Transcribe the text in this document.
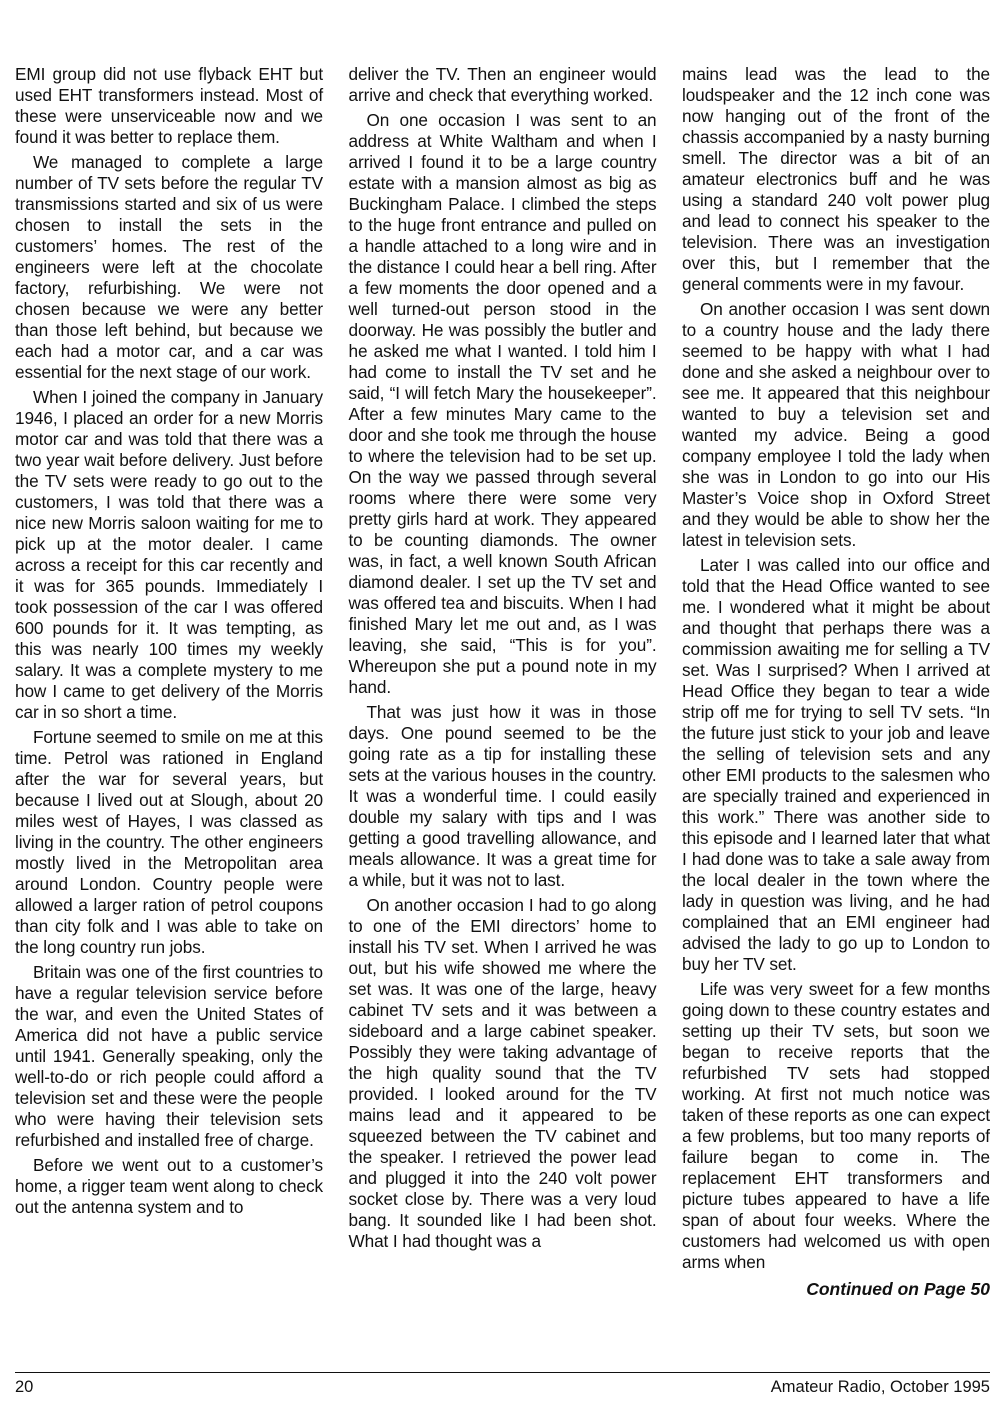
EMI group did not use flyback EHT but used EHT transformers instead. Most of these were unserviceable now and we found it was better to replace them.

We managed to complete a large number of TV sets before the regular TV transmissions started and six of us were chosen to install the sets in the customers’ homes. The rest of the engineers were left at the chocolate factory, refurbishing. We were not chosen because we were any better than those left behind, but because we each had a motor car, and a car was essential for the next stage of our work.

When I joined the company in January 1946, I placed an order for a new Morris motor car and was told that there was a two year wait before delivery. Just before the TV sets were ready to go out to the customers, I was told that there was a nice new Morris saloon waiting for me to pick up at the motor dealer. I came across a receipt for this car recently and it was for 365 pounds. Immediately I took possession of the car I was offered 600 pounds for it. It was tempting, as this was nearly 100 times my weekly salary. It was a complete mystery to me how I came to get delivery of the Morris car in so short a time.

Fortune seemed to smile on me at this time. Petrol was rationed in England after the war for several years, but because I lived out at Slough, about 20 miles west of Hayes, I was classed as living in the country. The other engineers mostly lived in the Metropolitan area around London. Country people were allowed a larger ration of petrol coupons than city folk and I was able to take on the long country run jobs.

Britain was one of the first countries to have a regular television service before the war, and even the United States of America did not have a public service until 1941. Generally speaking, only the well-to-do or rich people could afford a television set and these were the people who were having their television sets refurbished and installed free of charge.

Before we went out to a customer’s home, a rigger team went along to check out the antenna system and to

deliver the TV. Then an engineer would arrive and check that everything worked.

On one occasion I was sent to an address at White Waltham and when I arrived I found it to be a large country estate with a mansion almost as big as Buckingham Palace. I climbed the steps to the huge front entrance and pulled on a handle attached to a long wire and in the distance I could hear a bell ring. After a few moments the door opened and a well turned-out person stood in the doorway. He was possibly the butler and he asked me what I wanted. I told him I had come to install the TV set and he said, “I will fetch Mary the housekeeper”. After a few minutes Mary came to the door and she took me through the house to where the television had to be set up. On the way we passed through several rooms where there were some very pretty girls hard at work. They appeared to be counting diamonds. The owner was, in fact, a well known South African diamond dealer. I set up the TV set and was offered tea and biscuits. When I had finished Mary let me out and, as I was leaving, she said, “This is for you”. Whereupon she put a pound note in my hand.

That was just how it was in those days. One pound seemed to be the going rate as a tip for installing these sets at the various houses in the country. It was a wonderful time. I could easily double my salary with tips and I was getting a good travelling allowance, and meals allowance. It was a great time for a while, but it was not to last.

On another occasion I had to go along to one of the EMI directors’ home to install his TV set. When I arrived he was out, but his wife showed me where the set was. It was one of the large, heavy cabinet TV sets and it was between a sideboard and a large cabinet speaker. Possibly they were taking advantage of the high quality sound that the TV provided. I looked around for the TV mains lead and it appeared to be squeezed between the TV cabinet and the speaker. I retrieved the power lead and plugged it into the 240 volt power socket close by. There was a very loud bang. It sounded like I had been shot. What I had thought was a

mains lead was the lead to the loudspeaker and the 12 inch cone was now hanging out of the front of the chassis accompanied by a nasty burning smell. The director was a bit of an amateur electronics buff and he was using a standard 240 volt power plug and lead to connect his speaker to the television. There was an investigation over this, but I remember that the general comments were in my favour.

On another occasion I was sent down to a country house and the lady there seemed to be happy with what I had done and she asked a neighbour over to see me. It appeared that this neighbour wanted to buy a television set and wanted my advice. Being a good company employee I told the lady when she was in London to go into our His Master’s Voice shop in Oxford Street and they would be able to show her the latest in television sets.

Later I was called into our office and told that the Head Office wanted to see me. I wondered what it might be about and thought that perhaps there was a commission awaiting me for selling a TV set. Was I surprised? When I arrived at Head Office they began to tear a wide strip off me for trying to sell TV sets. “In the future just stick to your job and leave the selling of television sets and any other EMI products to the salesmen who are specially trained and experienced in this work.” There was another side to this episode and I learned later that what I had done was to take a sale away from the local dealer in the town where the lady in question was living, and he had complained that an EMI engineer had advised the lady to go up to London to buy her TV set.

Life was very sweet for a few months going down to these country estates and setting up their TV sets, but soon we began to receive reports that the refurbished TV sets had stopped working. At first not much notice was taken of these reports as one can expect a few problems, but too many reports of failure began to come in. The replacement EHT transformers and picture tubes appeared to have a life span of about four weeks. Where the customers had welcomed us with open arms when

Continued on Page 50
20	Amateur Radio, October 1995
